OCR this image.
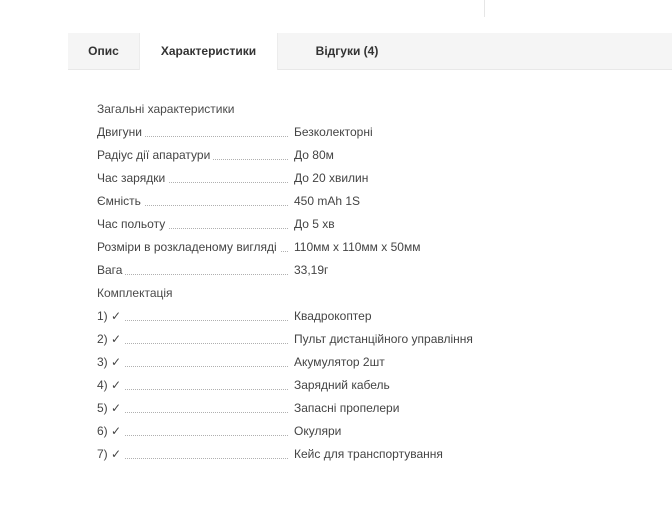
Опис	Характеристики	Відгуки (4)
Загальні характеристики
Двигуни	Безколекторні
Радіус дії апаратури	До 80м
Час зарядки	До 20 хвилин
Ємність	450 mAh 1S
Час польоту	До 5 хв
Розміри в розкладеному вигляді	110мм х 110мм х 50мм
Вага	33,19г
Комплектація
1) ✓	Квадрокоптер
2) ✓	Пульт дистанційного управління
3) ✓	Акумулятор 2шт
4) ✓	Зарядний кабель
5) ✓	Запасні пропелери
6) ✓	Окуляри
7) ✓	Кейс для транспортування
